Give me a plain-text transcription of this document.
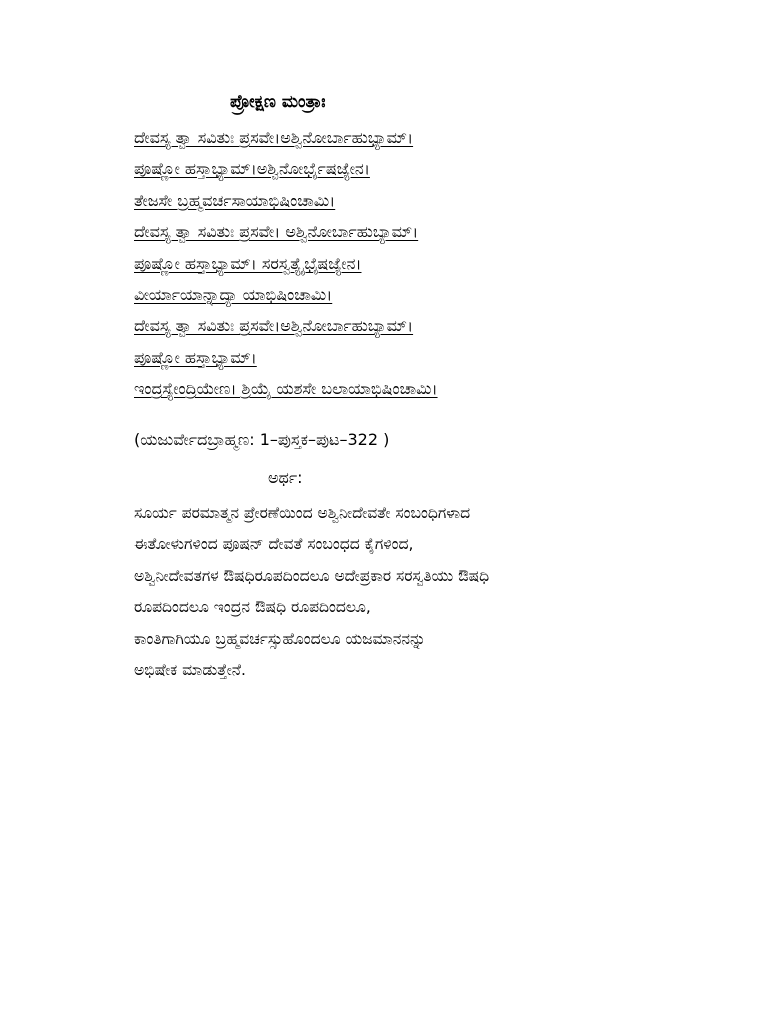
ಪ್ರೋಕ್ಷಣ ಮಂತ್ರಾಃ
ದೇವಸ್ಯ ತ್ವಾ ಸವಿತುಃ ಪ್ರಸವೇ।ಅಶ್ವಿನೋರ್ಬಾಹುಭ್ಯಾಮ್।
ಪೂಷ್ಣೋ ಹಸ್ತಾಭ್ಯಾಮ್।ಅಶ್ವಿನೋರ್ಭೈಷಜ್ಯೇನ।
ತೇಜಸೇ ಬ್ರಹ್ಮವರ್ಚಸಾಯಾಭಿಷಿಂಚಾಮಿ।
ದೇವಸ್ಯ ತ್ವಾ ಸವಿತುಃ ಪ್ರಸವೇ। ಅಶ್ವಿನೋರ್ಬಾಹುಬ್ಯಾಮ್।
ಪೂಷ್ಣೋ ಹಸ್ತಾಭ್ಯಾಮ್। ಸರಸ್ವತ್ಯೈಭೈಷಜ್ಯೇನ।
ವೀರ್ಯಾಯಾನ್ನಾದ್ಯಾ ಯಾಭಿಷಿಂಚಾಮಿ।
ದೇವಸ್ಯ ತ್ವಾ ಸವಿತುಃ ಪ್ರಸವೇ।ಅಶ್ವಿನೋರ್ಬಾಹುಬ್ಯಾಮ್।
ಪೂಷ್ಣೋ ಹಸ್ತಾಭ್ಯಾಮ್।
ಇಂದ್ರಸ್ಯೇಂದ್ರಿಯೇಣ। ಶ್ರಿಯೈ ಯಶಸೇ ಬಲಾಯಾಭಿಷಿಂಚಾಮಿ।
(ಯಜುರ್ವೇದಬ್ರಾಹ್ಮಣ: 1–ಪುಸ್ತಕ–ಪುಟ–322 )
ಅರ್ಥ:
ಸೂರ್ಯ ಪರಮಾತ್ಮನ ಪ್ರೇರಣೆಯಿಂದ ಅಶ್ವಿನೀದೇವತೇ ಸಂಬಂಧಿಗಳಾದ
ಈತೋಳುಗಳಿಂದ ಪೂಷನ್ ದೇವತೆ ಸಂಬಂಧದ ಕೈಗಳಿಂದ,
ಅಶ್ವಿನೀದೇವತಗಳ ಔಷಧಿರೂಪದಿಂದಲೂ ಅದೇಪ್ರಕಾರ ಸರಸ್ವತಿಯು ಔಷಧಿ
ರೂಪದಿಂದಲೂ ಇಂದ್ರನ ಔಷಧಿ ರೂಪದಿಂದಲೂ,
ಕಾಂತಿಗಾಗಿಯೂ ಬ್ರಹ್ಮವರ್ಚಸ್ಸುಹೊಂದಲೂ ಯಜಮಾನನನ್ನು
ಅಭಿಷೇಕ ಮಾಡುತ್ತೇನೆ.
